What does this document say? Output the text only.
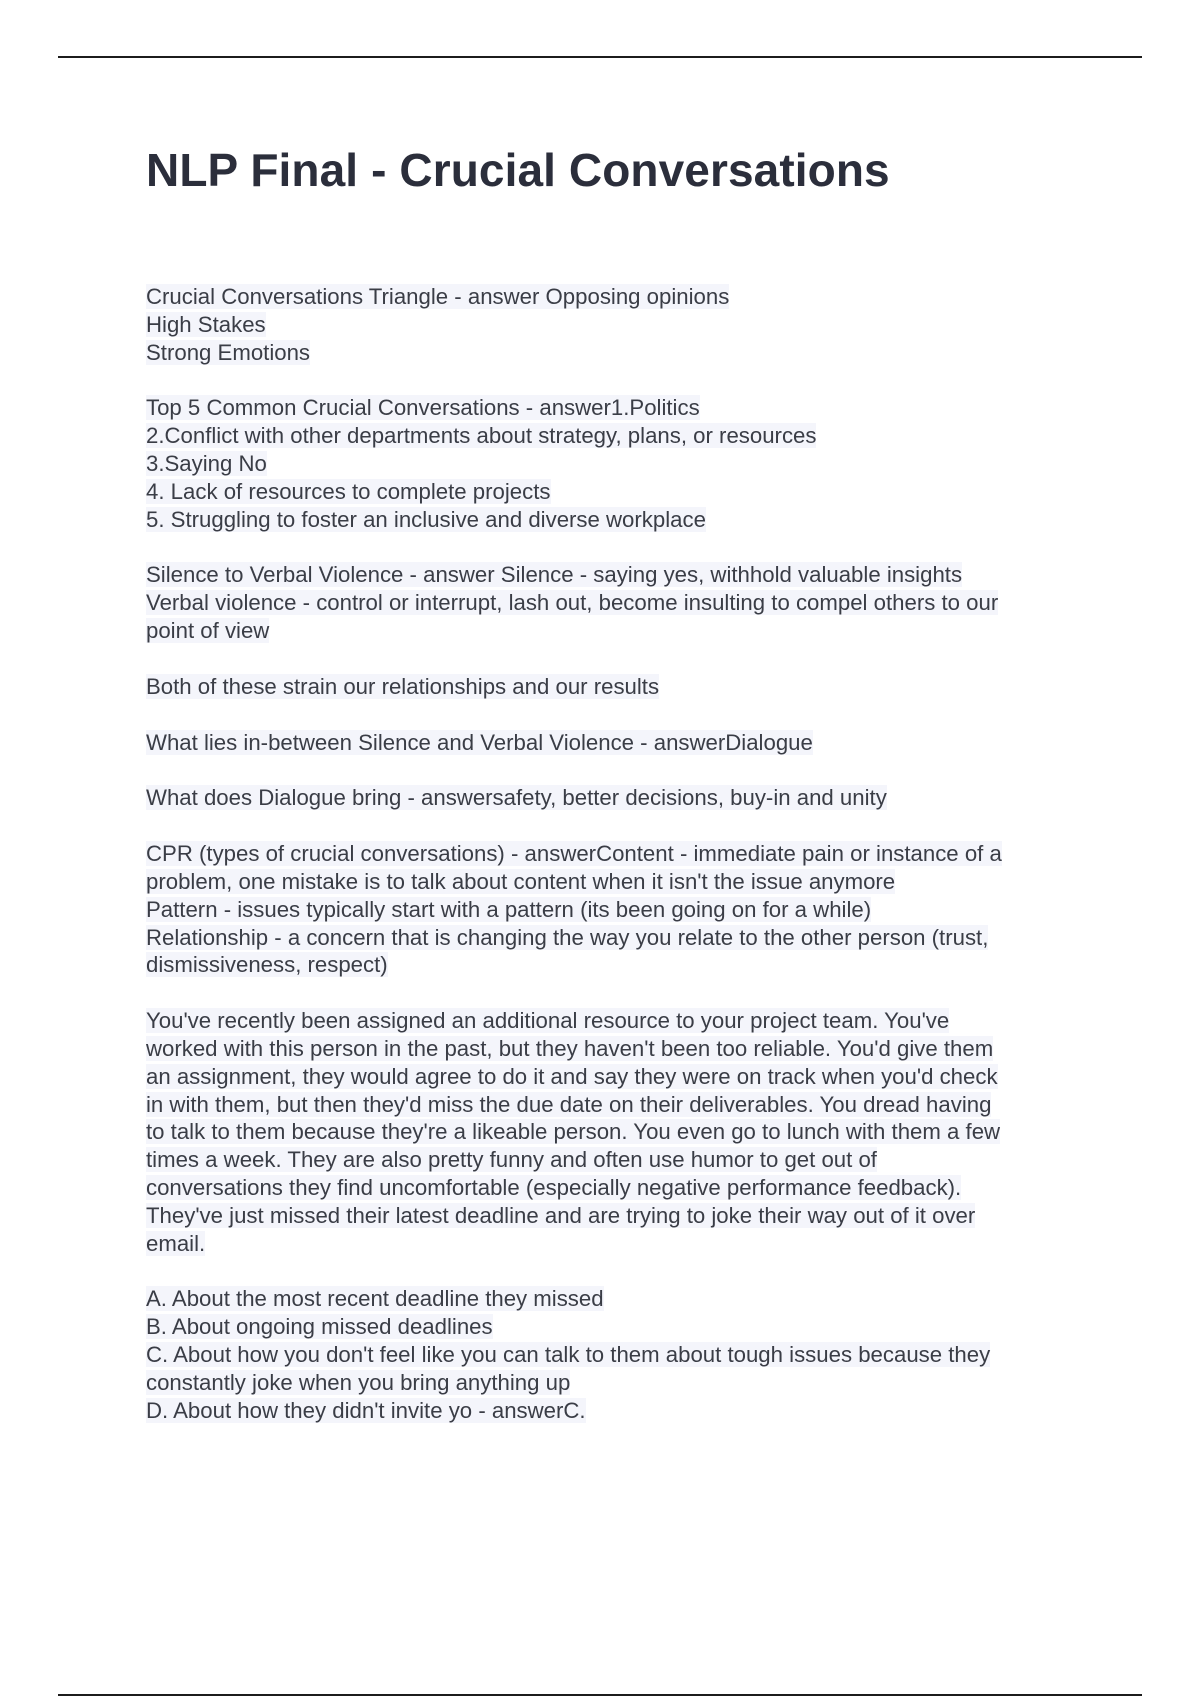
NLP Final - Crucial Conversations
Crucial Conversations Triangle - answer Opposing opinions
High Stakes
Strong Emotions
Top 5 Common Crucial Conversations - answer1.Politics
2.Conflict with other departments about strategy, plans, or resources
3.Saying No
4. Lack of resources to complete projects
5. Struggling to foster an inclusive and diverse workplace
Silence to Verbal Violence - answer Silence - saying yes, withhold valuable insights
Verbal violence - control or interrupt, lash out, become insulting to compel others to our
point of view
Both of these strain our relationships and our results
What lies in-between Silence and Verbal Violence - answerDialogue
What does Dialogue bring - answersafety, better decisions, buy-in and unity
CPR (types of crucial conversations) - answerContent - immediate pain or instance of a
problem, one mistake is to talk about content when it isn't the issue anymore
Pattern - issues typically start with a pattern (its been going on for a while)
Relationship - a concern that is changing the way you relate to the other person (trust,
dismissiveness, respect)
You've recently been assigned an additional resource to your project team. You've
worked with this person in the past, but they haven't been too reliable. You'd give them
an assignment, they would agree to do it and say they were on track when you'd check
in with them, but then they'd miss the due date on their deliverables. You dread having
to talk to them because they're a likeable person. You even go to lunch with them a few
times a week. They are also pretty funny and often use humor to get out of
conversations they find uncomfortable (especially negative performance feedback).
They've just missed their latest deadline and are trying to joke their way out of it over
email.
A. About the most recent deadline they missed
B. About ongoing missed deadlines
C. About how you don't feel like you can talk to them about tough issues because they
constantly joke when you bring anything up
D. About how they didn't invite yo - answerC.
